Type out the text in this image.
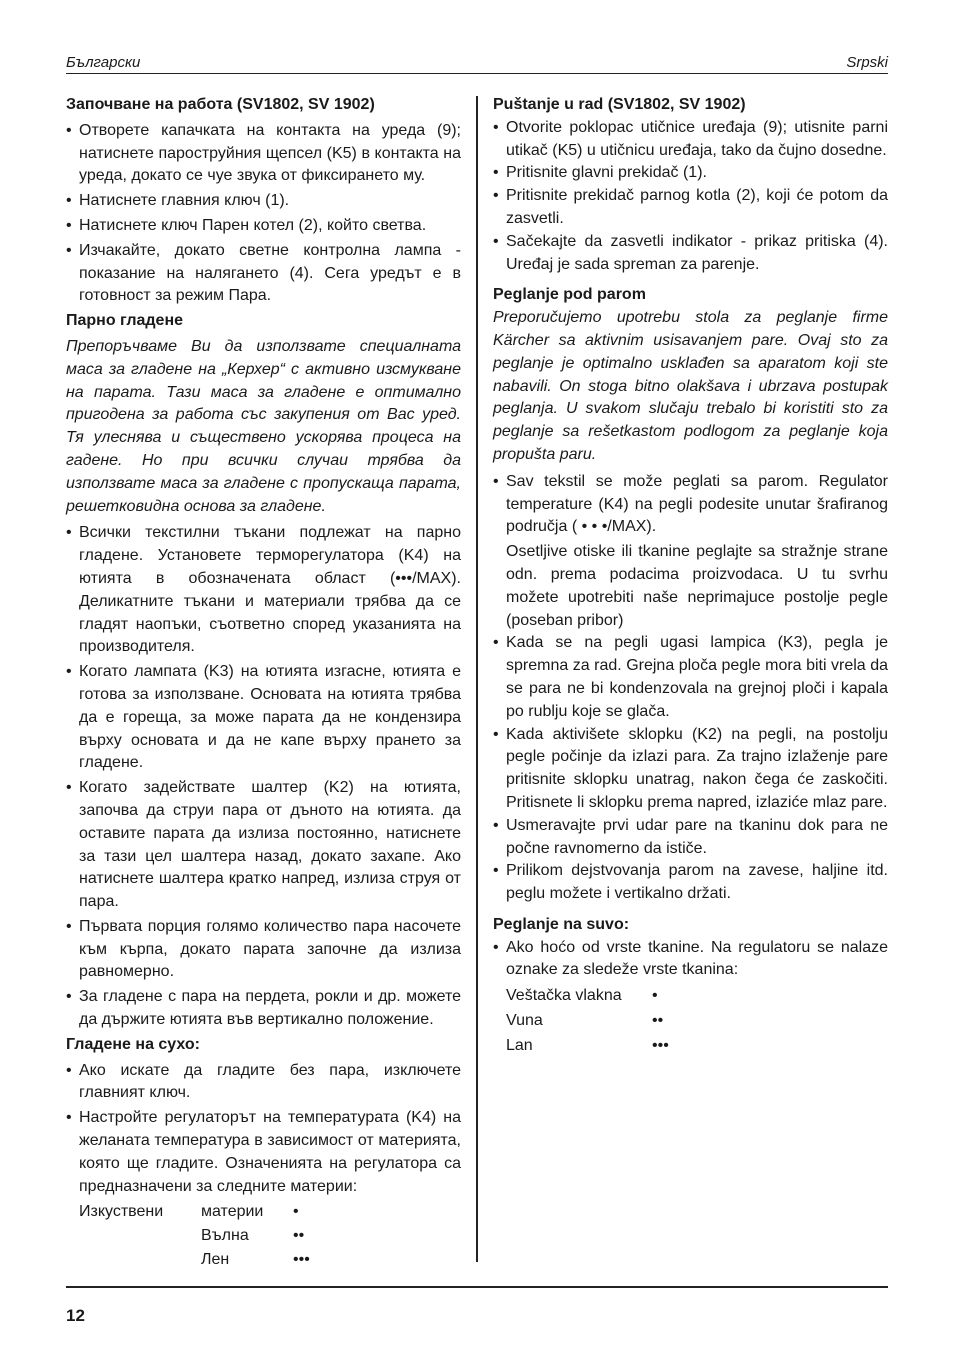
Български	Srpski
Започване на работа (SV1802, SV 1902)
• Отворете капачката на контакта на уреда (9); натиснете пароструйния щепсел (K5) в контакта на уреда, докато се чуе звука от фиксирането му.
• Натиснете главния ключ (1).
• Натиснете ключ Парен котел (2), който светва.
• Изчакайте, докато светне контролна лампа - показание на налягането (4). Сега уредът е в готовност за режим Пара.
Парно гладене
Препоръчваме Ви да използвате специалната маса за гладене на „Керхер“ с активно изсмукване на парата. Тази маса за гладене е оптимално пригодена за работа със закупения от Вас уред. Тя улеснява и съществено ускорява процеса на гадене. Но при всички случаи трябва да използвате маса за гладене с пропускаща парата, решетковидна основа за гладене.
• Всички текстилни тъкани подлежат на парно гладене. Установете терморегулатора (K4) на ютията в обозначената област (•••/MAX). Деликатните тъкани и материали трябва да се гладят наопъки, съответно според указанията на производителя.
• Когато лампата (K3) на ютията изгасне, ютията е готова за използване. Основата на ютията трябва да е гореща, за може парата да не кондензира върху основата и да не капе върху прането за гладене.
• Когато задействате шалтер (K2) на ютията, започва да струи пара от дъното на ютията. да оставите парата да излиза постоянно, натиснете за тази цел шалтера назад, докато захапе. Ако натиснете шалтера кратко напред, излиза струя от пара.
• Първата порция голямо количество пара насочете към кърпа, докато парата започне да излиза равномерно.
• За гладене с пара на пердета, рокли и др. можете да държите ютията във вертикално положение.
Гладене на сухо:
• Ако искате да гладите без пара, изключете главният ключ.
• Настройте регулаторът на температурата (K4) на желаната температура в зависимост от материята, която ще гладите. Означенията на регулатора са предназначени за следните материи:
Изкуствени	материи	•
Вълна	••
Лен	•••
Puštanje u rad (SV1802, SV 1902)
• Otvorite poklopac utičnice uređaja (9); utisnite parni utikač (K5) u utičnicu uređaja, tako da čujno dosedne.
• Pritisnite glavni prekidač (1).
• Pritisnite prekidač parnog kotla (2), koji će potom da zasvetli.
• Sačekajte da zasvetli indikator - prikaz pritiska (4). Uređaj je sada spreman za parenje.
Peglanje pod parom
Preporučujemo upotrebu stola za peglanje firme Kärcher sa aktivnim usisavanjem pare. Ovaj sto za peglanje je optimalno usklađen sa aparatom koji ste nabavili. On stoga bitno olakšava i ubrzava postupak peglanja. U svakom slučaju trebalo bi koristiti sto za peglanje sa rešetkastom podlogom za peglanje koja propušta paru.
• Sav tekstil se može peglati sa parom. Regulator temperature (K4) na pegli podesite unutar šrafiranog područja ( • • •/MAX).
Osetljive otiske ili tkanine peglajte sa stražnje strane odn. prema podacima proizvodaca. U tu svrhu možete upotrebiti naše neprimajuce postolje pegle (poseban pribor)
• Kada se na pegli ugasi lampica (K3), pegla je spremna za rad. Grejna ploča pegle mora biti vrela da se para ne bi kondenzovala na grejnoj ploči i kapala po rublju koje se glača.
• Kada aktivišete sklopku (K2) na pegli, na postolju pegle počinje da izlazi para. Za trajno izlaženje pare pritisnite sklopku unatrag, nakon čega će zaskočiti. Pritisnete li sklopku prema napred, izlaziće mlaz pare.
• Usmeravajte prvi udar pare na tkaninu dok para ne počne ravnomerno da ističe.
• Prilikom dejstvovanja parom na zavese, haljine itd. peglu možete i vertikalno držati.
Peglanje na suvo:
• Ako hoćo od vrste tkanine. Na regulatoru se nalaze oznake za sledeže vrste tkanina:
Veštačka vlakna	•
Vuna	••
Lan	•••
12
